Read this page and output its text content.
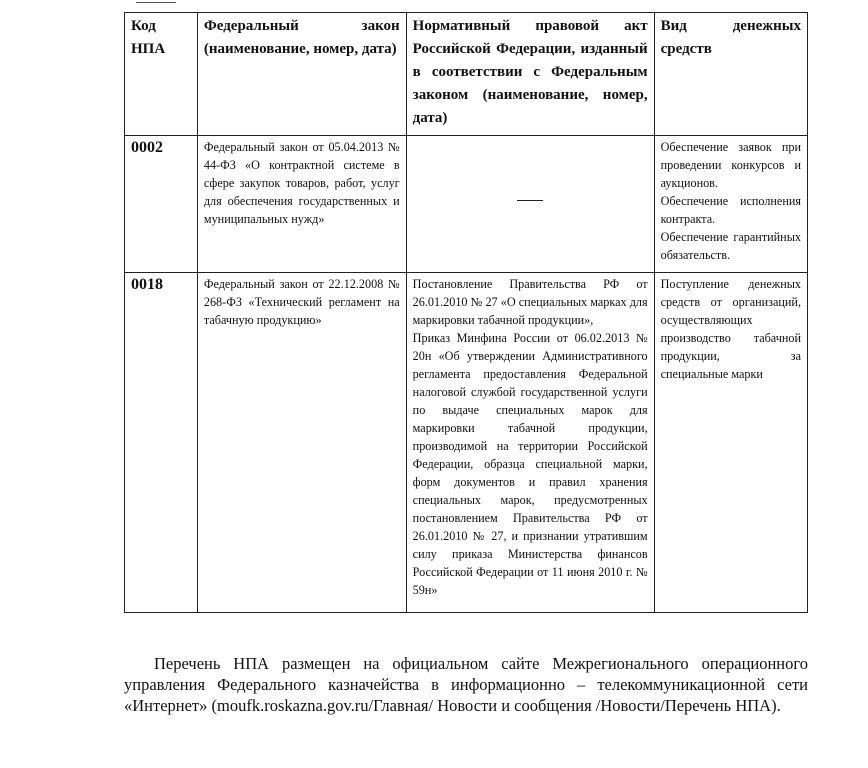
Код НПА	Федеральный закон (наименование, номер, дата)	Нормативный правовой акт Российской Федерации, изданный в соответствии с Федеральным законом (наименование, номер, дата)	Вид денежных средств
0002	Федеральный закон от 05.04.2013 № 44-ФЗ «О контрактной системе в сфере закупок товаров, работ, услуг для обеспечения государственных и муниципальных нужд»		Обеспечение заявок при проведении конкурсов и аукционов.
Обеспечение исполнения контракта.
Обеспечение гарантийных обязательств.

0018	Федеральный закон от 22.12.2008 № 268-ФЗ «Технический регламент на табачную продукцию»	Постановление Правительства РФ от 26.01.2010 № 27 «О специальных марках для маркировки табачной продукции»,
Приказ Минфина России от 06.02.2013 № 20н «Об утверждении Административного регламента предоставления Федеральной налоговой службой государственной услуги по выдаче специальных марок для маркировки табачной продукции, производимой на территории Российской Федерации, образца специальной марки, форм документов и правил хранения специальных марок, предусмотренных постановлением Правительства РФ от 26.01.2010 № 27, и признании утратившим силу приказа Министерства финансов Российской Федерации от 11 июня 2010 г. № 59н»	Поступление денежных средств от организаций, осуществляющих производство табачной продукции, за специальные марки

Перечень НПА размещен на официальном сайте Межрегионального операционного управления Федерального казначейства в информационно – телекоммуникационной сети «Интернет» (moufk.roskazna.gov.ru/Главная/ Новости и сообщения /Новости/Перечень НПА).
